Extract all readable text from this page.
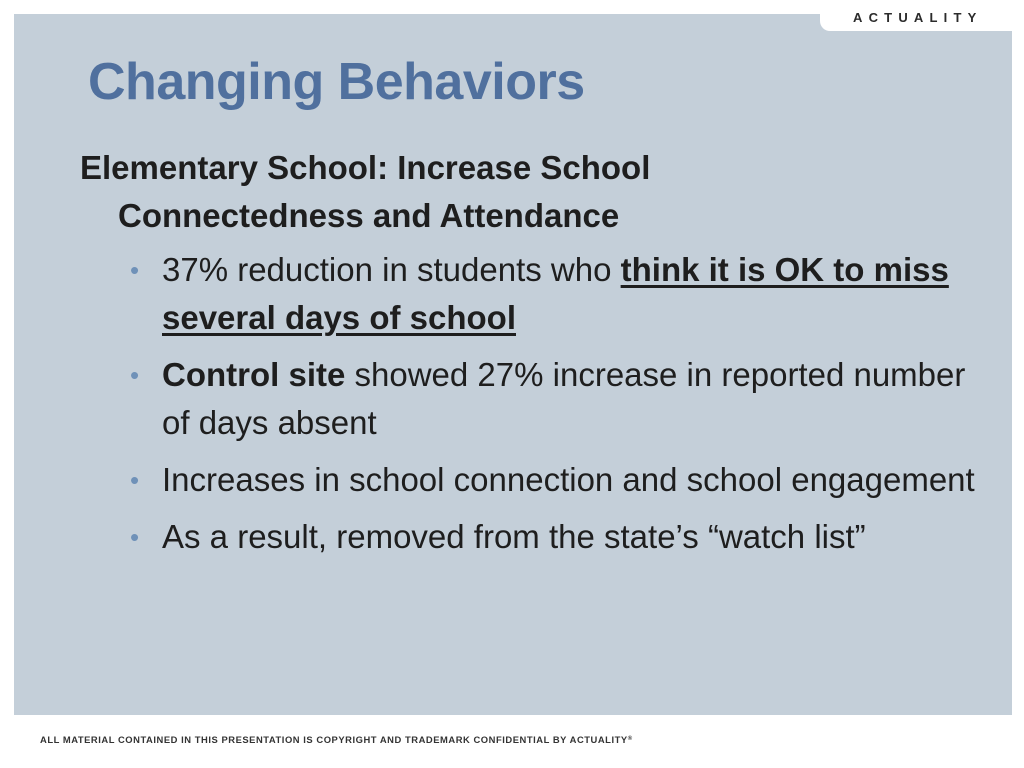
ACTUALITY
Changing Behaviors
Elementary School: Increase School Connectedness and Attendance
• 37% reduction in students who think it is OK to miss several days of school
• Control site showed 27% increase in reported number of days absent
• Increases in school connection and school engagement
• As a result, removed from the state’s “watch list”
ALL MATERIAL CONTAINED IN THIS PRESENTATION IS COPYRIGHT AND TRADEMARK CONFIDENTIAL BY ACTUALITY®
